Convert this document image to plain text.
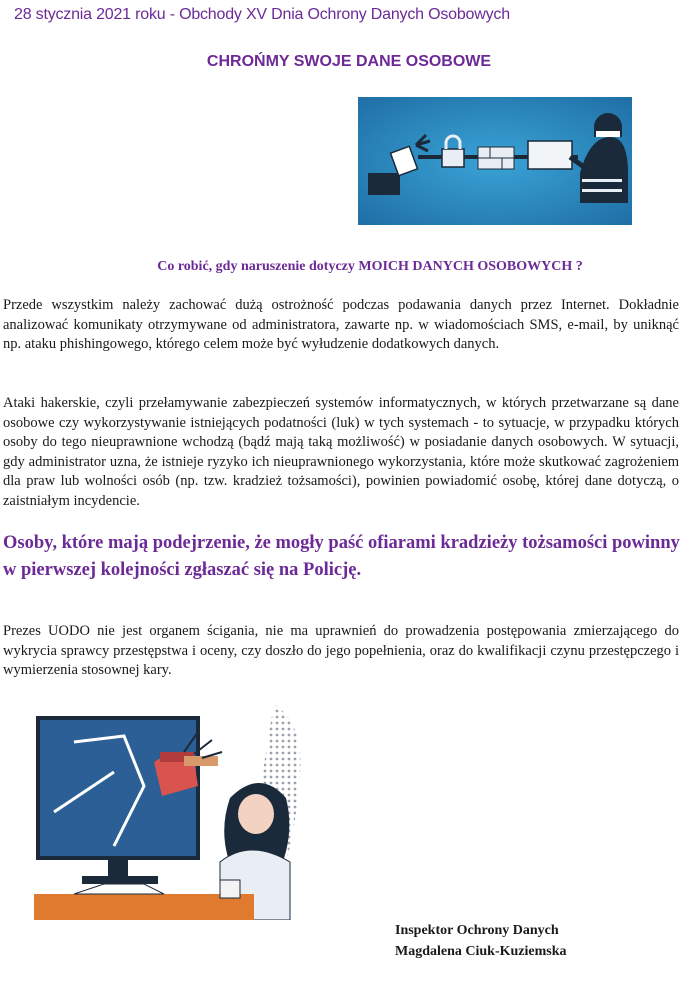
28 stycznia 2021 roku - Obchody XV Dnia Ochrony Danych Osobowych
CHROŃMY SWOJE DANE OSOBOWE
Co robić, gdy naruszenie dotyczy MOICH DANYCH OSOBOWYCH ?

Przede wszystkim należy zachować dużą ostrożność podczas podawania danych przez Internet. Dokładnie analizować komunikaty otrzymywane od administratora, zawarte np. w wiadomościach SMS, e-mail, by uniknąć np. ataku phishingowego, którego celem może być wyłudzenie dodatkowych danych.

Ataki hakerskie, czyli przełamywanie zabezpieczeń systemów informatycznych, w których przetwarzane są dane osobowe czy wykorzystywanie istniejących podatności (luk) w tych systemach - to sytuacje, w przypadku których osoby do tego nieuprawnione wchodzą (bądź mają taką możliwość) w posiadanie danych osobowych. W sytuacji, gdy administrator uzna, że istnieje ryzyko ich nieuprawnionego wykorzystania, które może skutkować zagrożeniem dla praw lub wolności osób (np. tzw. kradzież tożsamości), powinien powiadomić osobę, której dane dotyczą, o zaistniałym incydencie.

Osoby, które mają podejrzenie, że mogły paść ofiarami kradzieży tożsamości powinny w pierwszej kolejności zgłaszać się na Policję.

Prezes UODO nie jest organem ścigania, nie ma uprawnień do prowadzenia postępowania zmierzającego do wykrycia sprawcy przestępstwa i oceny, czy doszło do jego popełnienia, oraz do kwalifikacji czynu przestępczego i wymierzenia stosownej kary.

Inspektor Ochrony Danych
Magdalena Ciuk-Kuziemska
